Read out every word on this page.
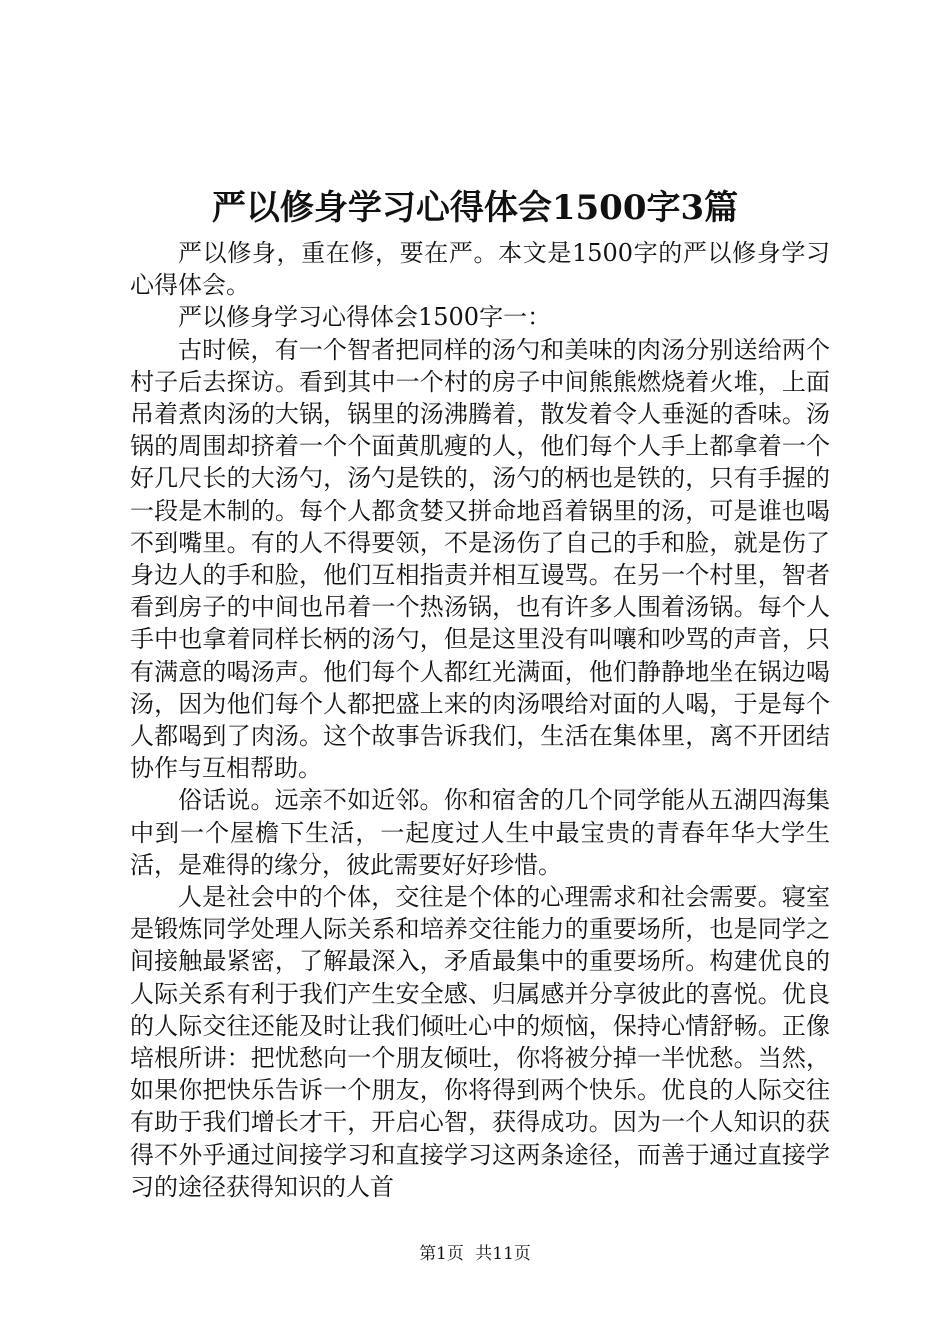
严以修身学习心得体会1500字3篇

严以修身，重在修，要在严。本文是1500字的严以修身学习心得体会。

严以修身学习心得体会1500字一：

古时候，有一个智者把同样的汤勺和美味的肉汤分别送给两个村子后去探访。看到其中一个村的房子中间熊熊燃烧着火堆，上面吊着煮肉汤的大锅，锅里的汤沸腾着，散发着令人垂涎的香味。汤锅的周围却挤着一个个面黄肌瘦的人，他们每个人手上都拿着一个好几尺长的大汤勺，汤勺是铁的，汤勺的柄也是铁的，只有手握的一段是木制的。每个人都贪婪又拼命地舀着锅里的汤，可是谁也喝不到嘴里。有的人不得要领，不是汤伤了自己的手和脸，就是伤了身边人的手和脸，他们互相指责并相互谩骂。在另一个村里，智者看到房子的中间也吊着一个热汤锅，也有许多人围着汤锅。每个人手中也拿着同样长柄的汤勺，但是这里没有叫嚷和吵骂的声音，只有满意的喝汤声。他们每个人都红光满面，他们静静地坐在锅边喝汤，因为他们每个人都把盛上来的肉汤喂给对面的人喝，于是每个人都喝到了肉汤。这个故事告诉我们，生活在集体里，离不开团结协作与互相帮助。

俗话说。远亲不如近邻。你和宿舍的几个同学能从五湖四海集中到一个屋檐下生活，一起度过人生中最宝贵的青春年华大学生活，是难得的缘分，彼此需要好好珍惜。

人是社会中的个体，交往是个体的心理需求和社会需要。寝室是锻炼同学处理人际关系和培养交往能力的重要场所，也是同学之间接触最紧密，了解最深入，矛盾最集中的重要场所。构建优良的人际关系有利于我们产生安全感、归属感并分享彼此的喜悦。优良的人际交往还能及时让我们倾吐心中的烦恼，保持心情舒畅。正像培根所讲：把忧愁向一个朋友倾吐，你将被分掉一半忧愁。当然，如果你把快乐告诉一个朋友，你将得到两个快乐。优良的人际交往有助于我们增长才干，开启心智，获得成功。因为一个人知识的获得不外乎通过间接学习和直接学习这两条途径，而善于通过直接学习的途径获得知识的人首

第1页 共11页
